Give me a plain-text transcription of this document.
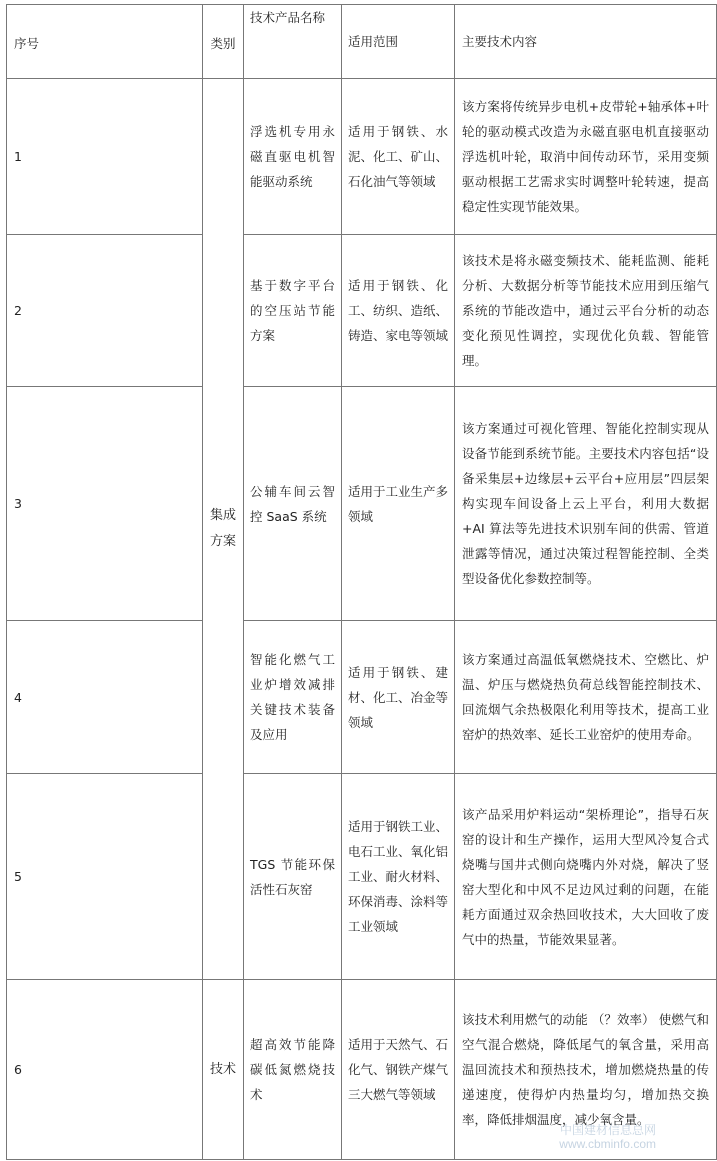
序号	类别	技术产品名称	适用范围	主要技术内容
1	集成方案	浮选机专用永磁直驱电机智能驱动系统	适用于钢铁、水泥、化工、矿山、石化油气等领域	该方案将传统异步电机+皮带轮+轴承体+叶轮的驱动模式改造为永磁直驱电机直接驱动浮选机叶轮，取消中间传动环节，采用变频驱动根据工艺需求实时调整叶轮转速，提高稳定性实现节能效果。
2		基于数字平台的空压站节能方案	适用于钢铁、化工、纺织、造纸、铸造、家电等领域	该技术是将永磁变频技术、能耗监测、能耗分析、大数据分析等节能技术应用到压缩气系统的节能改造中，通过云平台分析的动态变化预见性调控，实现优化负载、智能管理。
3		公辅车间云智控 SaaS 系统	适用于工业生产多领域	该方案通过可视化管理、智能化控制实现从设备节能到系统节能。主要技术内容包括“设备采集层+边缘层+云平台+应用层”四层架构实现车间设备上云上平台，利用大数据+AI 算法等先进技术识别车间的供需、管道泄露等情况，通过决策过程智能控制、全类型设备优化参数控制等。
4		智能化燃气工业炉增效减排关键技术装备及应用	适用于钢铁、建材、化工、冶金等领域	该方案通过高温低氧燃烧技术、空燃比、炉温、炉压与燃烧热负荷总线智能控制技术、回流烟气余热极限化利用等技术，提高工业窑炉的热效率、延长工业窑炉的使用寿命。
5		TGS 节能环保活性石灰窑	适用于钢铁工业、电石工业、氧化铝工业、耐火材料、环保消毒、涂料等工业领域	该产品采用炉料运动“架桥理论”，指导石灰窑的设计和生产操作，运用大型风冷复合式烧嘴与国井式侧向烧嘴内外对烧，解决了竖窑大型化和中风不足边风过剩的问题，在能耗方面通过双余热回收技术，大大回收了废气中的热量，节能效果显著。
6	技术	超高效节能降碳低氮燃烧技术	适用于天然气、石化气、钢铁产煤气三大燃气等领域	该技术利用燃气的动能 （？效率） 使燃气和空气混合燃烧，降低尾气的氧含量，采用高温回流技术和预热技术，增加燃烧热量的传递速度，使得炉内热量均匀，增加热交换率，降低排烟温度，减少氧含量。
中国建材信息总网
www.cbminfo.com
